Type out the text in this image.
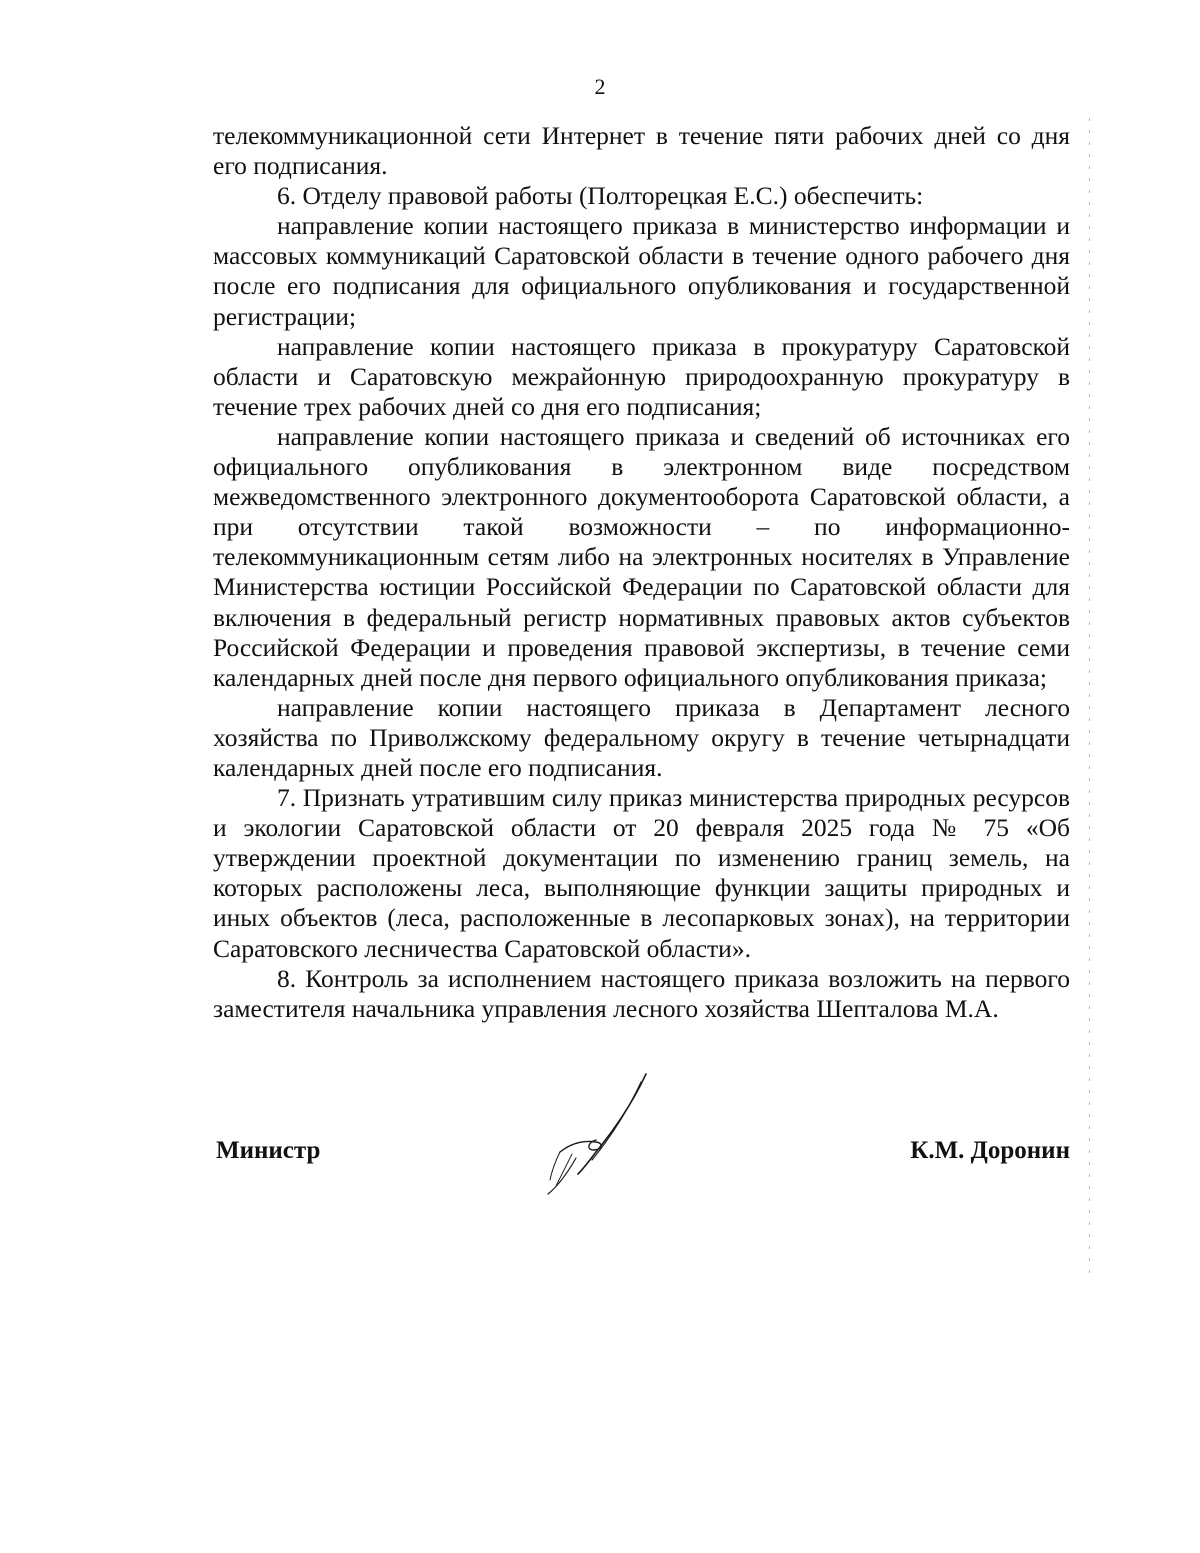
2

телекоммуникационной сети Интернет в течение пяти рабочих дней со дня его подписания.

6. Отделу правовой работы (Полторецкая Е.С.) обеспечить:

направление копии настоящего приказа в министерство информации и массовых коммуникаций Саратовской области в течение одного рабочего дня после его подписания для официального опубликования и государственной регистрации;

направление копии настоящего приказа в прокуратуру Саратовской области и Саратовскую межрайонную природоохранную прокуратуру в течение трех рабочих дней со дня его подписания;

направление копии настоящего приказа и сведений об источниках его официального опубликования в электронном виде посредством межведомственного электронного документооборота Саратовской области, а при отсутствии такой возможности – по информационно-телекоммуникационным сетям либо на электронных носителях в Управление Министерства юстиции Российской Федерации по Саратовской области для включения в федеральный регистр нормативных правовых актов субъектов Российской Федерации и проведения правовой экспертизы, в течение семи календарных дней после дня первого официального опубликования приказа;

направление копии настоящего приказа в Департамент лесного хозяйства по Приволжскому федеральному округу в течение четырнадцати календарных дней после его подписания.

7. Признать утратившим силу приказ министерства природных ресурсов и экологии Саратовской области от 20 февраля 2025 года № 75 «Об утверждении проектной документации по изменению границ земель, на которых расположены леса, выполняющие функции защиты природных и иных объектов (леса, расположенные в лесопарковых зонах), на территории Саратовского лесничества Саратовской области».

8. Контроль за исполнением настоящего приказа возложить на первого заместителя начальника управления лесного хозяйства Шепталова М.А.

Министр	К.М. Доронин
